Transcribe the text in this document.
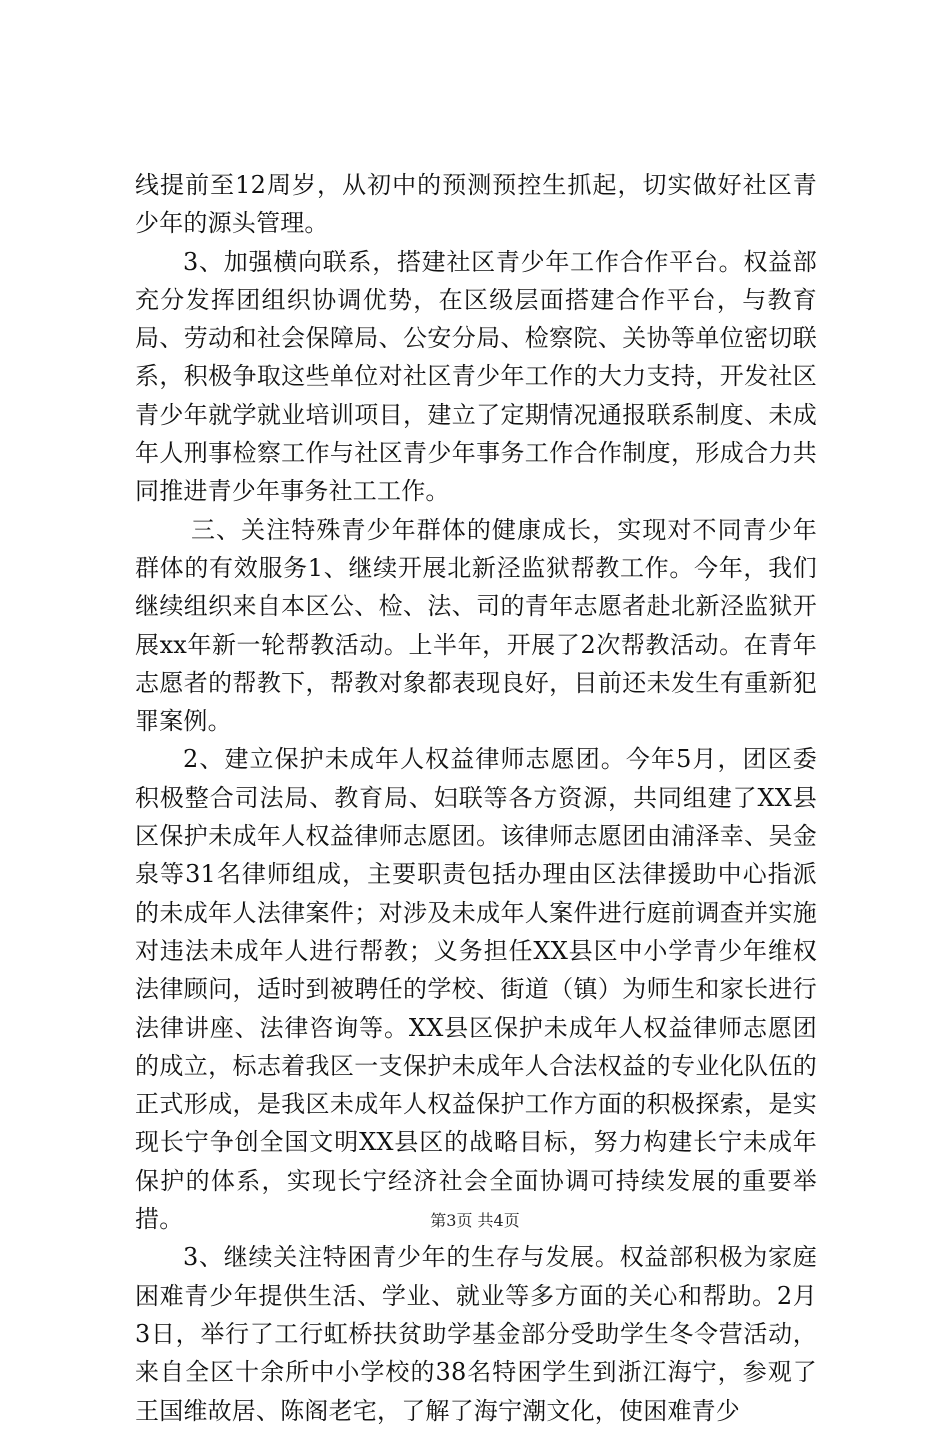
线提前至12周岁，从初中的预测预控生抓起，切实做好社区青少年的源头管理。

3、加强横向联系，搭建社区青少年工作合作平台。权益部充分发挥团组织协调优势，在区级层面搭建合作平台，与教育局、劳动和社会保障局、公安分局、检察院、关协等单位密切联系，积极争取这些单位对社区青少年工作的大力支持，开发社区青少年就学就业培训项目，建立了定期情况通报联系制度、未成年人刑事检察工作与社区青少年事务工作合作制度，形成合力共同推进青少年事务社工工作。

三、关注特殊青少年群体的健康成长，实现对不同青少年群体的有效服务1、继续开展北新泾监狱帮教工作。今年，我们继续组织来自本区公、检、法、司的青年志愿者赴北新泾监狱开展xx年新一轮帮教活动。上半年，开展了2次帮教活动。在青年志愿者的帮教下，帮教对象都表现良好，目前还未发生有重新犯罪案例。

2、建立保护未成年人权益律师志愿团。今年5月，团区委积极整合司法局、教育局、妇联等各方资源，共同组建了XX县区保护未成年人权益律师志愿团。该律师志愿团由浦泽幸、吴金泉等31名律师组成，主要职责包括办理由区法律援助中心指派的未成年人法律案件；对涉及未成年人案件进行庭前调查并实施对违法未成年人进行帮教；义务担任XX县区中小学青少年维权法律顾问，适时到被聘任的学校、街道（镇）为师生和家长进行法律讲座、法律咨询等。XX县区保护未成年人权益律师志愿团的成立，标志着我区一支保护未成年人合法权益的专业化队伍的正式形成，是我区未成年人权益保护工作方面的积极探索，是实现长宁争创全国文明XX县区的战略目标，努力构建长宁未成年保护的体系，实现长宁经济社会全面协调可持续发展的重要举措。

3、继续关注特困青少年的生存与发展。权益部积极为家庭困难青少年提供生活、学业、就业等多方面的关心和帮助。2月3日，举行了工行虹桥扶贫助学基金部分受助学生冬令营活动，来自全区十余所中小学校的38名特困学生到浙江海宁，参观了王国维故居、陈阁老宅，了解了海宁潮文化，使困难青少

第3页 共4页
